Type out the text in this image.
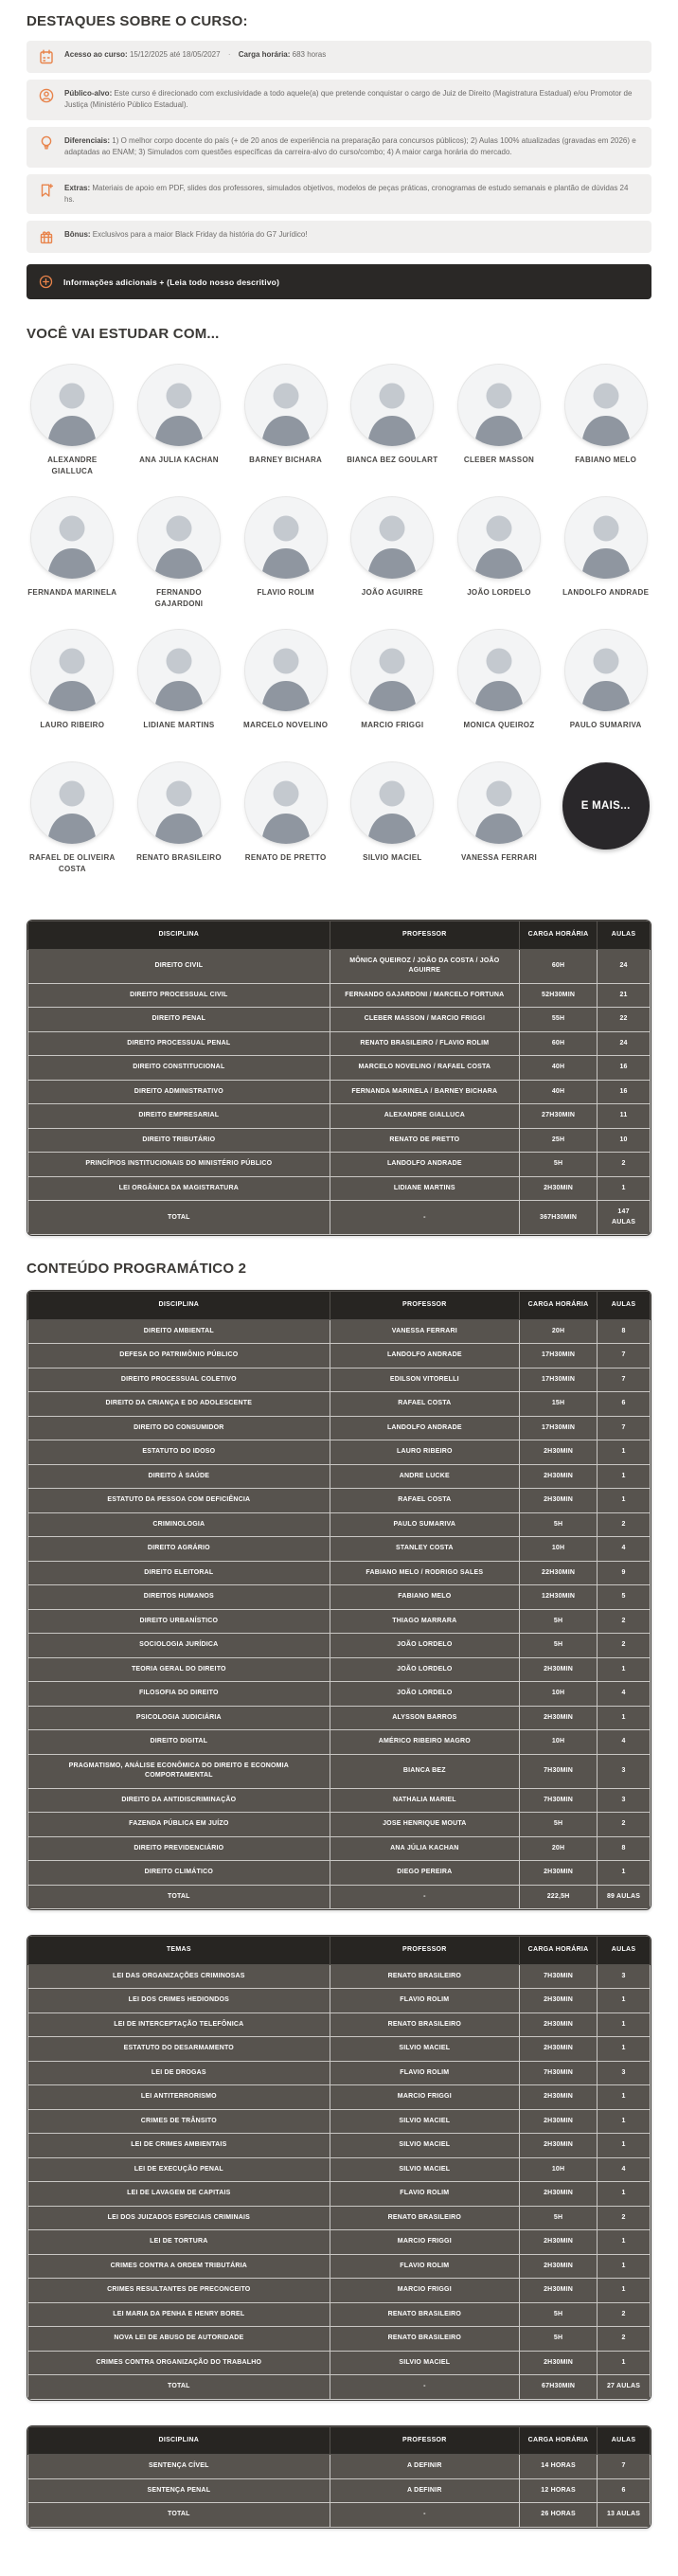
DESTAQUES SOBRE O CURSO:

Acesso ao curso: 15/12/2025 até 18/05/2027 · Carga horária: 683 horas

Público-alvo: Este curso é direcionado com exclusividade a todo aquele(a) que pretende conquistar o cargo de Juiz de Direito (Magistratura Estadual) e/ou Promotor de Justiça (Ministério Público Estadual).

Diferenciais: 1) O melhor corpo docente do país (+ de 20 anos de experiência na preparação para concursos públicos); 2) Aulas 100% atualizadas (gravadas em 2026) e adaptadas ao ENAM; 3) Simulados com questões específicas da carreira-alvo do curso/combo; 4) A maior carga horária do mercado.

Extras: Materiais de apoio em PDF, slides dos professores, simulados objetivos, modelos de peças práticas, cronogramas de estudo semanais e plantão de dúvidas 24 hs.

Bônus: Exclusivos para a maior Black Friday da história do G7 Jurídico!

Informações adicionais + (Leia todo nosso descritivo)
VOCÊ VAI ESTUDAR COM...
ALEXANDRE GIALLUCA
ANA JULIA KACHAN	BARNEY BICHARA	BIANCA BEZ GOULART	CLEBER MASSON	FABIANO MELO
FERNANDA MARINELA	FERNANDO GAJARDONI
FLAVIO ROLIM	JOÃO AGUIRRE	JOÃO LORDELO	LANDOLFO ANDRADE
LAURO RIBEIRO	LIDIANE MARTINS	MARCELO NOVELINO	MARCIO FRIGGI	MONICA QUEIROZ	PAULO SUMARIVA
RAFAEL DE OLIVEIRA COSTA
RENATO BRASILEIRO	RENATO DE PRETTO	SILVIO MACIEL	VANESSA FERRARI
E MAIS...
DISCIPLINA	PROFESSOR	CARGA HORÁRIA	AULAS
DIREITO CIVIL	MÔNICA QUEIROZ / JOÃO DA COSTA / JOÃO AGUIRRE	60H	24
DIREITO PROCESSUAL CIVIL	FERNANDO GAJARDONI / MARCELO FORTUNA	52H30MIN	21
DIREITO PENAL	CLEBER MASSON / MARCIO FRIGGI	55H	22
DIREITO PROCESSUAL PENAL	RENATO BRASILEIRO / FLAVIO ROLIM	60H	24
DIREITO CONSTITUCIONAL	MARCELO NOVELINO / RAFAEL COSTA	40H	16
DIREITO ADMINISTRATIVO	FERNANDA MARINELA / BARNEY BICHARA	40H	16
DIREITO EMPRESARIAL	ALEXANDRE GIALLUCA	27H30MIN	11
DIREITO TRIBUTÁRIO	RENATO DE PRETTO	25H	10
PRINCÍPIOS INSTITUCIONAIS DO MINISTÉRIO PÚBLICO	LANDOLFO ANDRADE	5H	2
LEI ORGÂNICA DA MAGISTRATURA	LIDIANE MARTINS	2H30MIN	1
TOTAL	-	367H30MIN	147 AULAS
CONTEÚDO PROGRAMÁTICO 2
DISCIPLINA	PROFESSOR	CARGA HORÁRIA	AULAS
DIREITO AMBIENTAL	VANESSA FERRARI	20H	8
DEFESA DO PATRIMÔNIO PÚBLICO	LANDOLFO ANDRADE	17H30MIN	7
DIREITO PROCESSUAL COLETIVO	EDILSON VITORELLI	17H30MIN	7
DIREITO DA CRIANÇA E DO ADOLESCENTE	RAFAEL COSTA	15H	6
DIREITO DO CONSUMIDOR	LANDOLFO ANDRADE	17H30MIN	7
ESTATUTO DO IDOSO	LAURO RIBEIRO	2H30MIN	1
DIREITO À SAÚDE	ANDRE LUCKE	2H30MIN	1
ESTATUTO DA PESSOA COM DEFICIÊNCIA	RAFAEL COSTA	2H30MIN	1
CRIMINOLOGIA	PAULO SUMARIVA	5H	2
DIREITO AGRÁRIO	STANLEY COSTA	10H	4
DIREITO ELEITORAL	FABIANO MELO / RODRIGO SALES	22H30MIN	9
DIREITOS HUMANOS	FABIANO MELO	12H30MIN	5
DIREITO URBANÍSTICO	THIAGO MARRARA	5H	2
SOCIOLOGIA JURÍDICA	JOÃO LORDELO	5H	2
TEORIA GERAL DO DIREITO	JOÃO LORDELO	2H30MIN	1
FILOSOFIA DO DIREITO	JOÃO LORDELO	10H	4
PSICOLOGIA JUDICIÁRIA	ALYSSON BARROS	2H30MIN	1
DIREITO DIGITAL	AMÉRICO RIBEIRO MAGRO	10H	4
PRAGMATISMO, ANÁLISE ECONÔMICA DO DIREITO E ECONOMIA COMPORTAMENTAL	BIANCA BEZ	7H30MIN	3
DIREITO DA ANTIDISCRIMINAÇÃO	NATHALIA MARIEL	7H30MIN	3
FAZENDA PÚBLICA EM JUÍZO	JOSE HENRIQUE MOUTA	5H	2
DIREITO PREVIDENCIÁRIO	ANA JÚLIA KACHAN	20H	8
DIREITO CLIMÁTICO	DIEGO PEREIRA	2H30MIN	1
TOTAL	-	222,5H	89 AULAS
TEMAS	PROFESSOR	CARGA HORÁRIA	AULAS
LEI DAS ORGANIZAÇÕES CRIMINOSAS	RENATO BRASILEIRO	7H30MIN	3
LEI DOS CRIMES HEDIONDOS	FLAVIO ROLIM	2H30MIN	1
LEI DE INTERCEPTAÇÃO TELEFÔNICA	RENATO BRASILEIRO	2H30MIN	1
ESTATUTO DO DESARMAMENTO	SILVIO MACIEL	2H30MIN	1
LEI DE DROGAS	FLAVIO ROLIM	7H30MIN	3
LEI ANTITERRORISMO	MARCIO FRIGGI	2H30MIN	1
CRIMES DE TRÂNSITO	SILVIO MACIEL	2H30MIN	1
LEI DE CRIMES AMBIENTAIS	SILVIO MACIEL	2H30MIN	1
LEI DE EXECUÇÃO PENAL	SILVIO MACIEL	10H	4
LEI DE LAVAGEM DE CAPITAIS	FLAVIO ROLIM	2H30MIN	1
LEI DOS JUIZADOS ESPECIAIS CRIMINAIS	RENATO BRASILEIRO	5H	2
LEI DE TORTURA	MARCIO FRIGGI	2H30MIN	1
CRIMES CONTRA A ORDEM TRIBUTÁRIA	FLAVIO ROLIM	2H30MIN	1
CRIMES RESULTANTES DE PRECONCEITO	MARCIO FRIGGI	2H30MIN	1
LEI MARIA DA PENHA E HENRY BOREL	RENATO BRASILEIRO	5H	2
NOVA LEI DE ABUSO DE AUTORIDADE	RENATO BRASILEIRO	5H	2
CRIMES CONTRA ORGANIZAÇÃO DO TRABALHO	SILVIO MACIEL	2H30MIN	1
TOTAL	-	67H30MIN	27 AULAS
DISCIPLINA	PROFESSOR	CARGA HORÁRIA	AULAS
SENTENÇA CÍVEL	A DEFINIR	14 HORAS	7
SENTENÇA PENAL	A DEFINIR	12 HORAS	6
TOTAL	-	26 HORAS	13 AULAS
